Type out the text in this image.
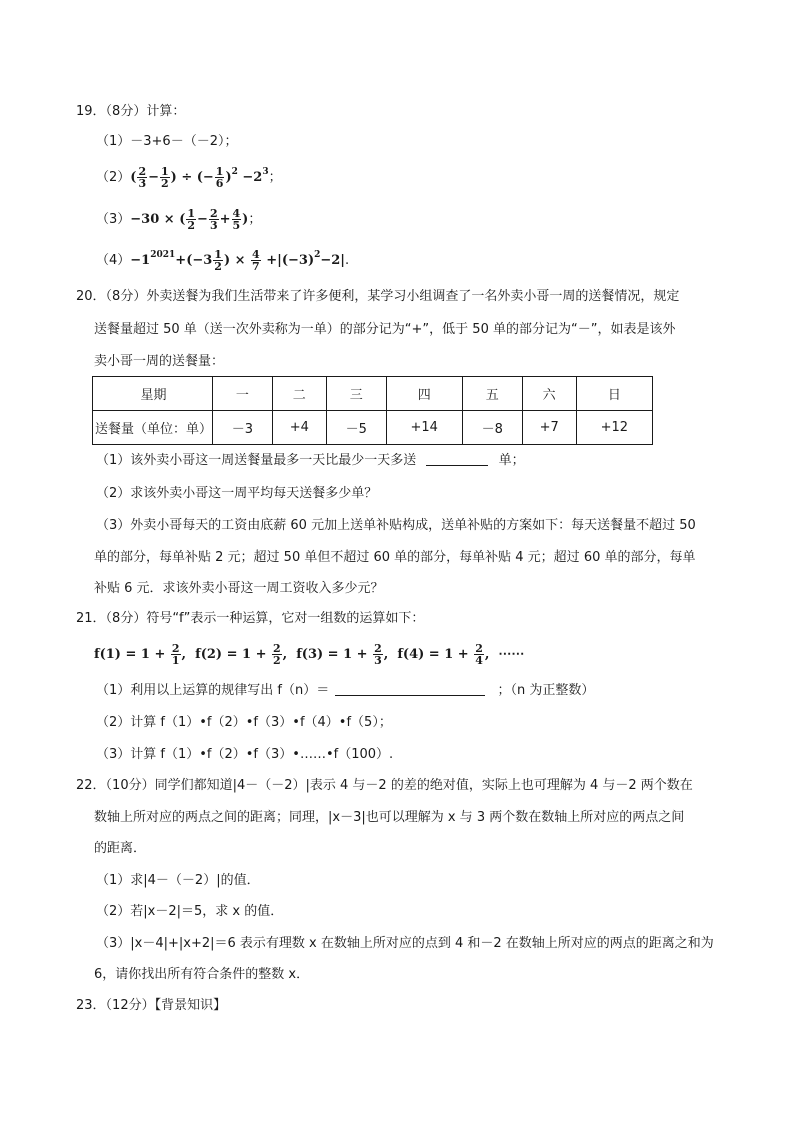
19．（8分）计算：
（1）－3+6－（－2）；
$(2)( \frac{2}{3} - \frac{1}{2}$ ) ÷ (− $\frac{1}{6} )^2 -2^3$；
（3）−30 × ( $\frac{1}{2} - \frac{2}{3} + \frac{4}{5}$ )；
$(4)-1^{2021}+(-3 \frac{1}{2}$ ) × $\frac{4}{7} +|(-3)^2-2|$.
20．（8分）外卖送餐为我们生活带来了许多便利，某学习小组调查了一名外卖小哥一周的送餐情况，规定
送餐量超过 50 单（送一次外卖称为一单）的部分记为“+”，低于 50 单的部分记为“－”，如表是该外
卖小哥一周的送餐量：
星期	一	二	三	四	五	六	日
送餐量（单位：单）	－3	+4	－5	+14	－8	+7	+12
（1）该外卖小哥这一周送餐量最多一天比最少一天多送	单；
（2）求该外卖小哥这一周平均每天送餐多少单？
（3）外卖小哥每天的工资由底薪 60 元加上送单补贴构成，送单补贴的方案如下：每天送餐量不超过 50
单的部分，每单补贴 2 元；超过 50 单但不超过 60 单的部分，每单补贴 4 元；超过 60 单的部分，每单
补贴 6 元．求该外卖小哥这一周工资收入多少元？
21．（8分）符号“f”表示一种运算，它对一组数的运算如下：
$f(1) = 1 + \frac{2}{1}$ ,  $f(2) = 1 + \frac{2}{2}$ ,  $f(3) = 1 + \frac{2}{3}$ ,  $f(4) = 1 + \frac{2}{4}$ ,  ⋯⋯
（1）利用以上运算的规律写出 f（n）＝	；（n 为正整数）
（2）计算 f（1）•f（2）•f（3）•f（4）•f（5）；
（3）计算 f（1）•f（2）•f（3）•……•f（100）.
22．（10分）同学们都知道|4－（－2）|表示 4 与－2 的差的绝对值，实际上也可理解为 4 与－2 两个数在
数轴上所对应的两点之间的距离；同理，|x－3|也可以理解为 x 与 3 两个数在数轴上所对应的两点之间
的距离．
（1）求|4－（－2）|的值．
（2）若|x－2|＝5，求 x 的值．
（3）|x－4|+|x+2|＝6 表示有理数 x 在数轴上所对应的点到 4 和－2 在数轴上所对应的两点的距离之和为
6，请你找出所有符合条件的整数 x．
23．（12分）【背景知识】
